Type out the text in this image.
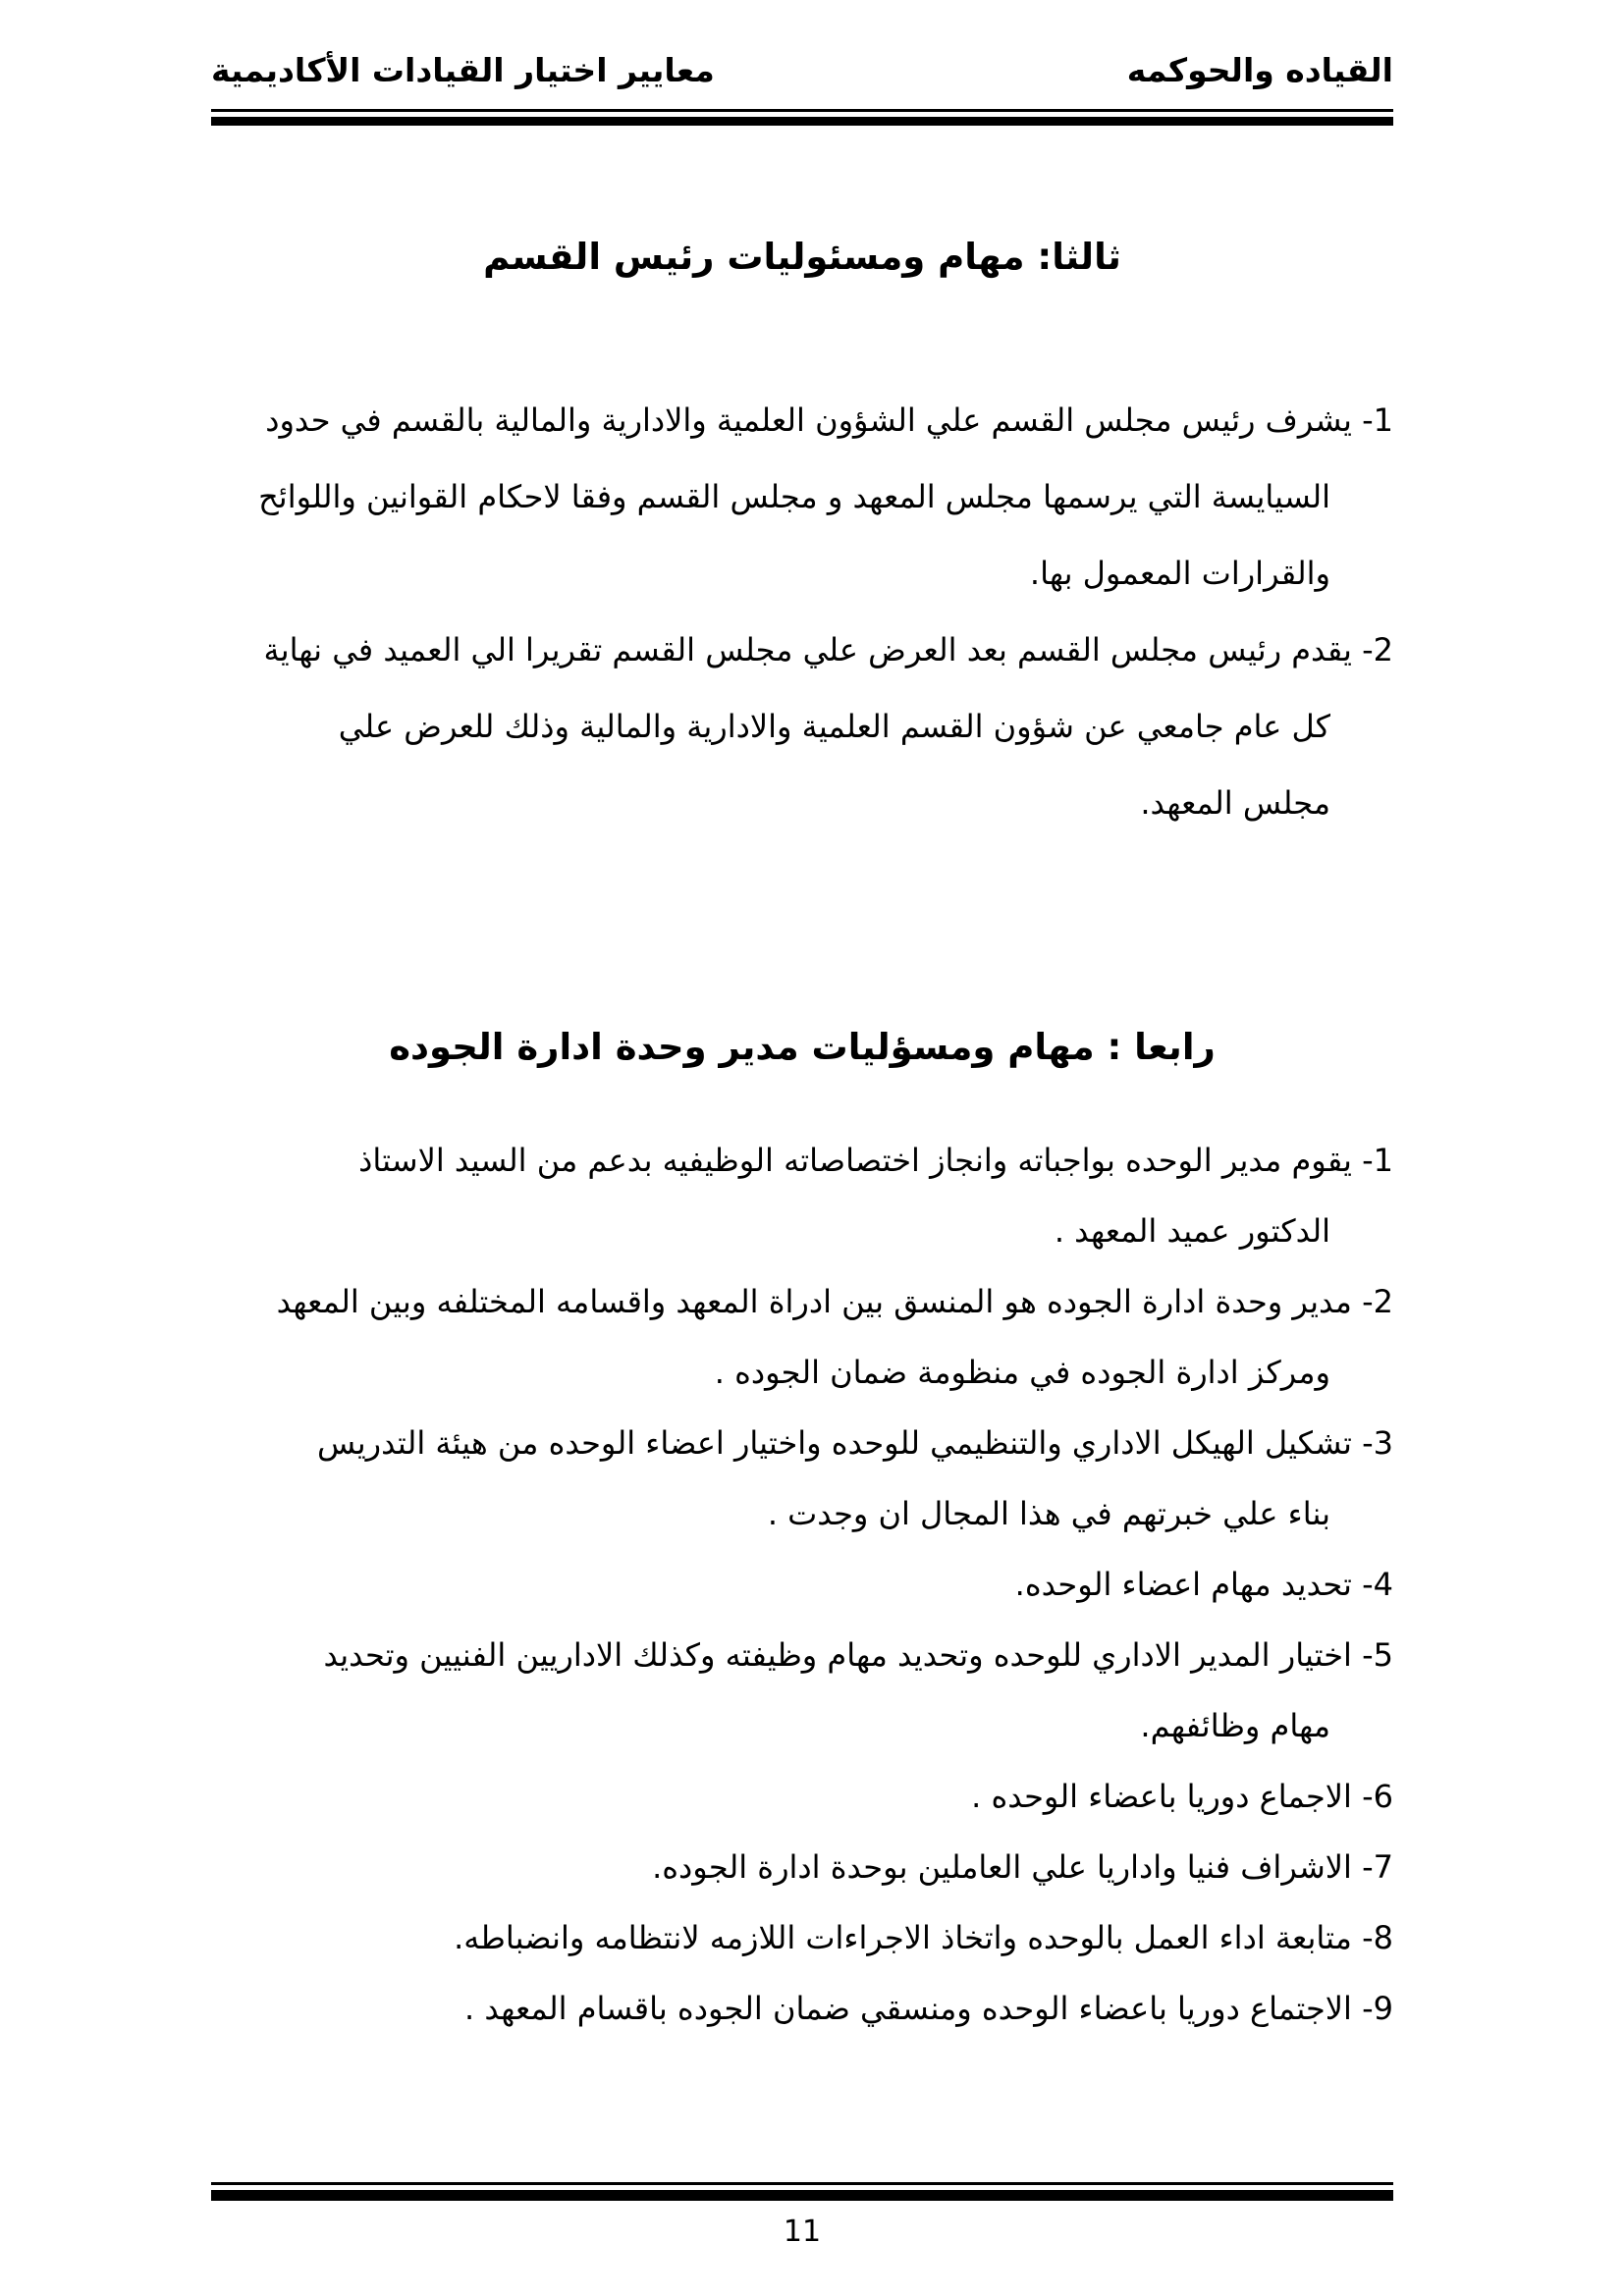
القياده والحوكمه
معايير اختيار القيادات الأكاديمية
ثالثا: مهام ومسئوليات رئيس القسم
1- يشرف رئيس مجلس القسم علي الشؤون العلمية والادارية والمالية بالقسم في حدود
السيايسة التي يرسمها مجلس المعهد و مجلس القسم وفقا لاحكام القوانين واللوائح
والقرارات المعمول بها.
2- يقدم رئيس مجلس القسم بعد العرض علي مجلس القسم تقريرا الي العميد في نهاية
كل عام جامعي عن شؤون القسم العلمية والادارية والمالية وذلك للعرض علي
مجلس المعهد.
رابعا : مهام ومسؤليات مدير وحدة ادارة الجوده
1- يقوم مدير الوحده بواجباته وانجاز اختصاصاته الوظيفيه بدعم من السيد الاستاذ
الدكتور عميد المعهد .
2- مدير وحدة ادارة الجوده هو المنسق بين ادراة المعهد واقسامه المختلفه وبين المعهد
ومركز ادارة الجوده في منظومة ضمان الجوده .
3- تشكيل الهيكل الاداري والتنظيمي للوحده واختيار اعضاء الوحده من هيئة التدريس
بناء علي خبرتهم في هذا المجال ان وجدت .
4- تحديد مهام اعضاء الوحده.
5- اختيار المدير الاداري للوحده وتحديد مهام وظيفته وكذلك الاداريين الفنيين وتحديد
مهام وظائفهم.
6- الاجماع دوريا باعضاء الوحده .
7- الاشراف فنيا واداريا علي العاملين بوحدة ادارة الجوده.
8- متابعة اداء العمل بالوحده واتخاذ الاجراءات اللازمه لانتظامه وانضباطه.
9- الاجتماع دوريا باعضاء الوحده ومنسقي ضمان الجوده باقسام المعهد .
11
